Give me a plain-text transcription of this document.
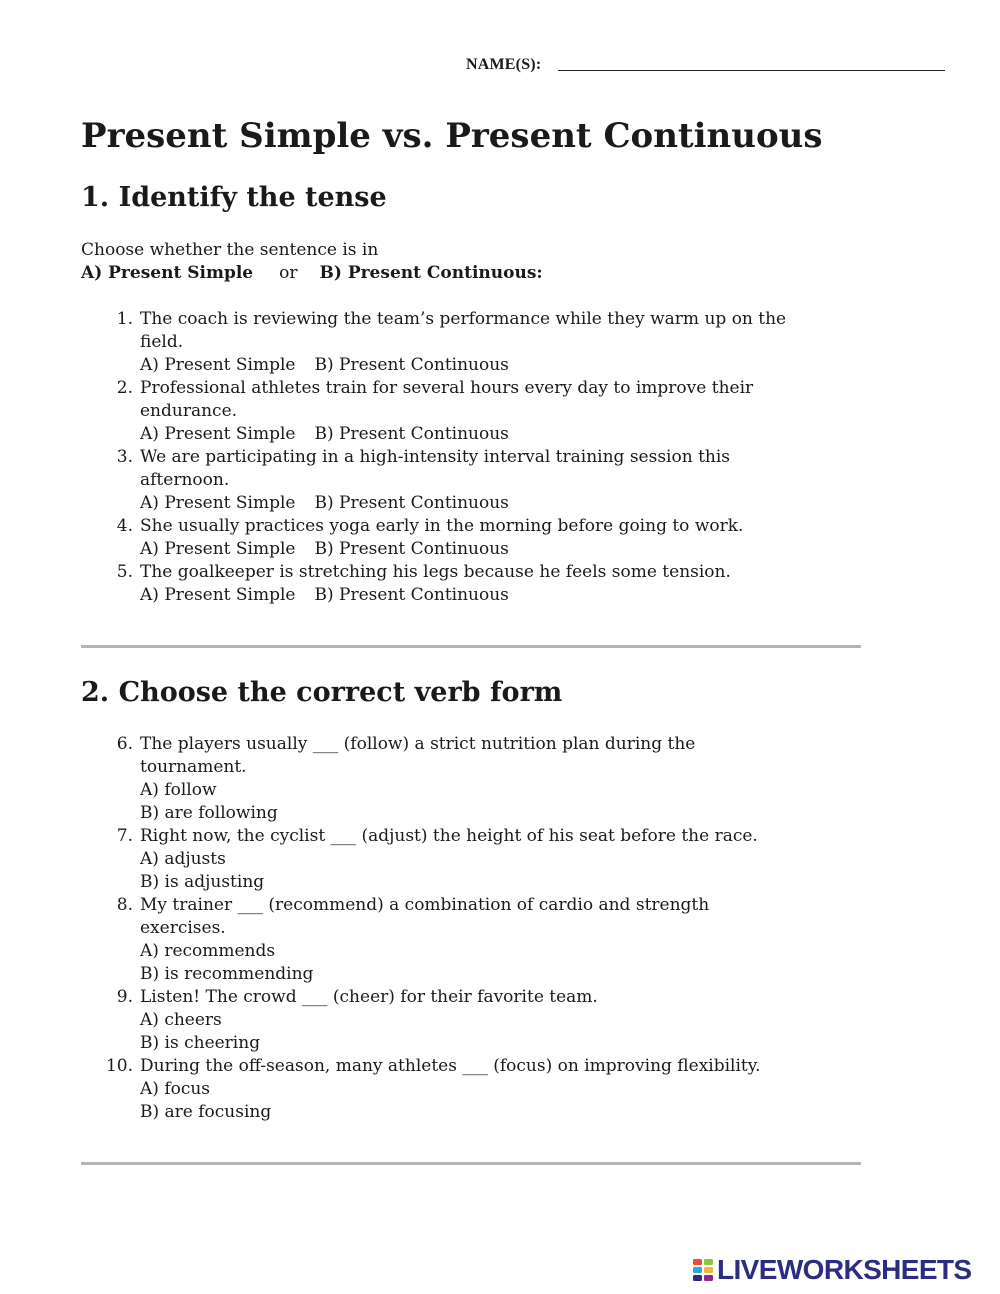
NAME(S):
Present Simple vs. Present Continuous
1. Identify the tense
Choose whether the sentence is in
A) Present Simple or B) Present Continuous:
1. The coach is reviewing the team’s performance while they warm up on the
field.
A) Present Simple B) Present Continuous
2. Professional athletes train for several hours every day to improve their
endurance.
A) Present Simple B) Present Continuous
3. We are participating in a high-intensity interval training session this
afternoon.
A) Present Simple B) Present Continuous
4. She usually practices yoga early in the morning before going to work.
A) Present Simple B) Present Continuous
5. The goalkeeper is stretching his legs because he feels some tension.
A) Present Simple B) Present Continuous
2. Choose the correct verb form
6. The players usually ___ (follow) a strict nutrition plan during the
tournament.
A) follow
B) are following
7. Right now, the cyclist ___ (adjust) the height of his seat before the race.
A) adjusts
B) is adjusting
8. My trainer ___ (recommend) a combination of cardio and strength
exercises.
A) recommends
B) is recommending
9. Listen! The crowd ___ (cheer) for their favorite team.
A) cheers
B) is cheering
10. During the off-season, many athletes ___ (focus) on improving flexibility.
A) focus
B) are focusing
LIVEWORKSHEETS
